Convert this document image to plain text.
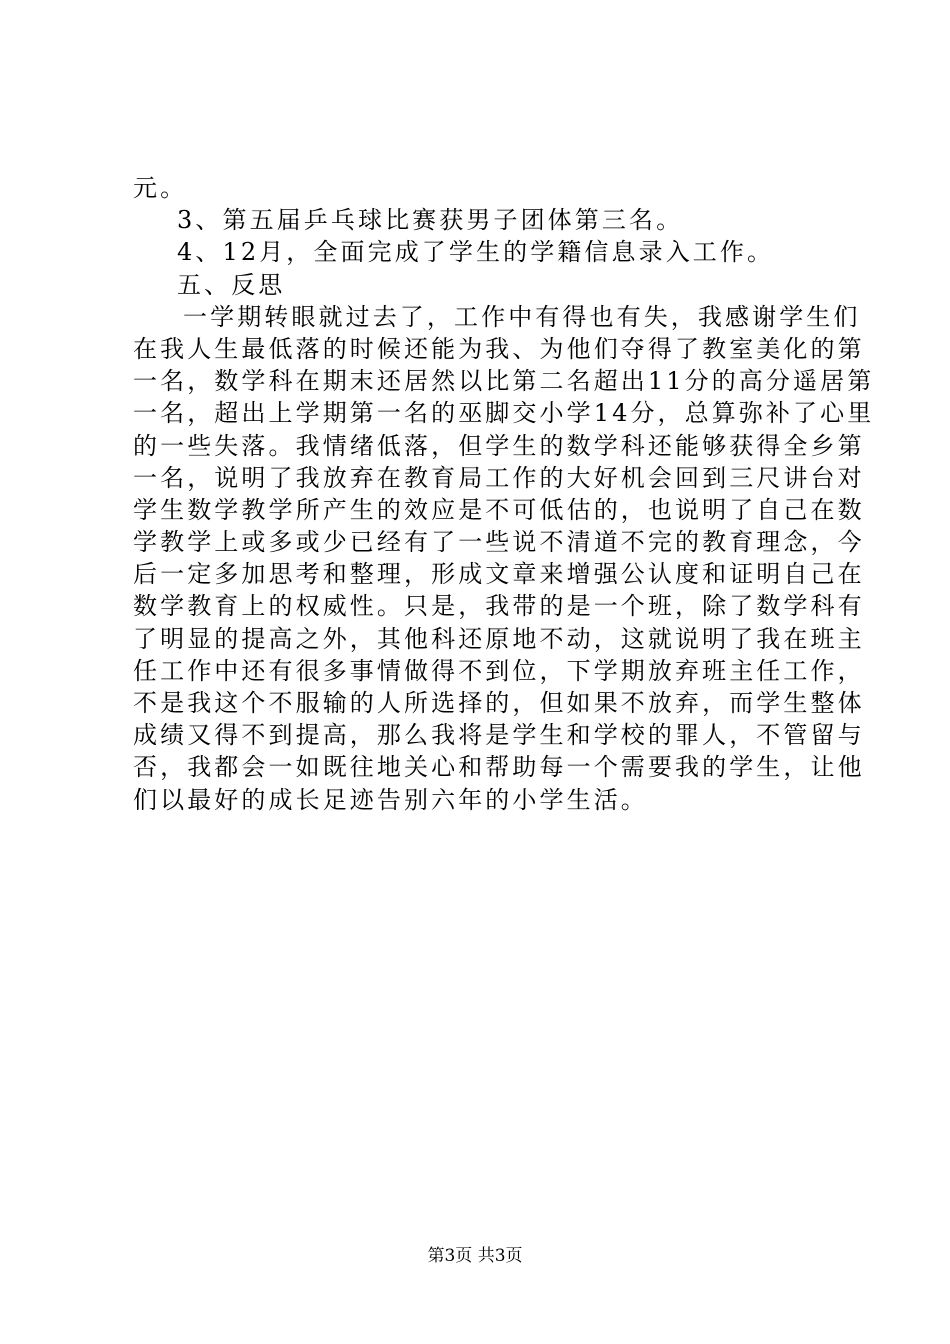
元。
3、第五届乒乓球比赛获男子团体第三名。
4、12月，全面完成了学生的学籍信息录入工作。
五、反思
一学期转眼就过去了，工作中有得也有失，我感谢学生们
在我人生最低落的时候还能为我、为他们夺得了教室美化的第
一名，数学科在期末还居然以比第二名超出11分的高分遥居第
一名，超出上学期第一名的巫脚交小学14分，总算弥补了心里
的一些失落。我情绪低落，但学生的数学科还能够获得全乡第
一名，说明了我放弃在教育局工作的大好机会回到三尺讲台对
学生数学教学所产生的效应是不可低估的，也说明了自己在数
学教学上或多或少已经有了一些说不清道不完的教育理念，今
后一定多加思考和整理，形成文章来增强公认度和证明自己在
数学教育上的权威性。只是，我带的是一个班，除了数学科有
了明显的提高之外，其他科还原地不动，这就说明了我在班主
任工作中还有很多事情做得不到位，下学期放弃班主任工作，
不是我这个不服输的人所选择的，但如果不放弃，而学生整体
成绩又得不到提高，那么我将是学生和学校的罪人，不管留与
否，我都会一如既往地关心和帮助每一个需要我的学生，让他
们以最好的成长足迹告别六年的小学生活。
第3页 共3页
